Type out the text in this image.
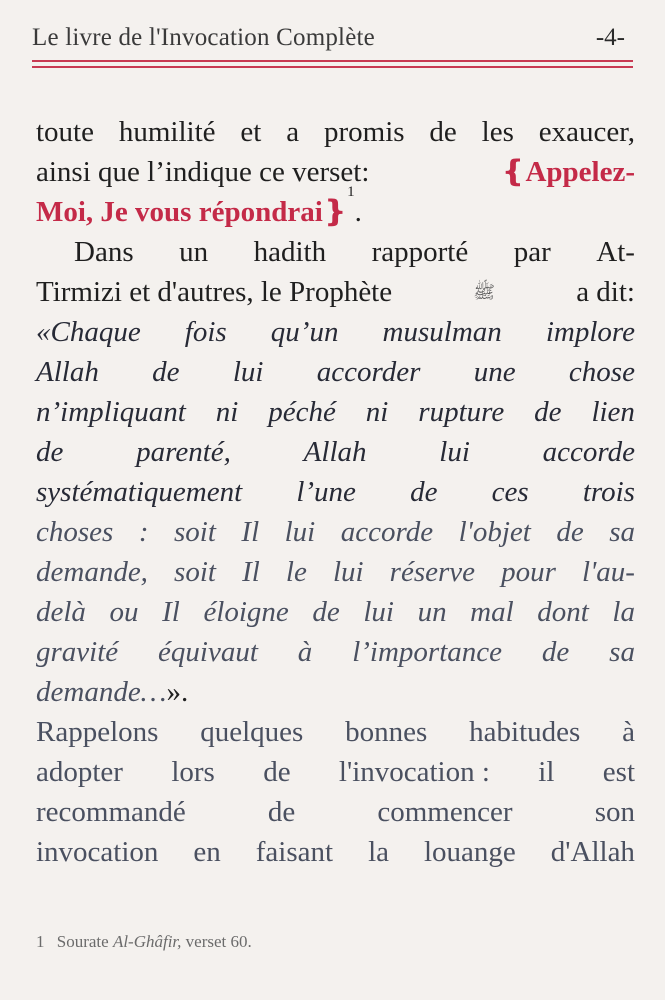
Le livre de l'Invocation Complète	-4-
toute humilité et a promis de les exaucer,
ainsi que l’indique ce verset:	❴Appelez-
Moi, Je vous répondrai❵
1
.
Dans un hadith rapporté par At-
Tirmizi et d'autres, le Prophète	ﷺ	a dit:
«Chaque fois qu’un musulman implore
Allah de lui accorder une chose
n’impliquant ni péché ni rupture de lien
de	parenté,	Allah	lui	accorde
systématiquement l’une de ces trois
choses : soit Il lui accorde l'objet de sa
demande, soit Il le lui réserve pour l'au-
delà ou Il éloigne de lui un mal dont la
gravité équivaut à l’importance de sa
demande… ».
Rappelons quelques bonnes habitudes à
adopter lors de l'invocation : il est
recommandé	de	commencer	son
invocation en faisant la louange d'Allah
1 Sourate Al-Ghâfir, verset 60.
